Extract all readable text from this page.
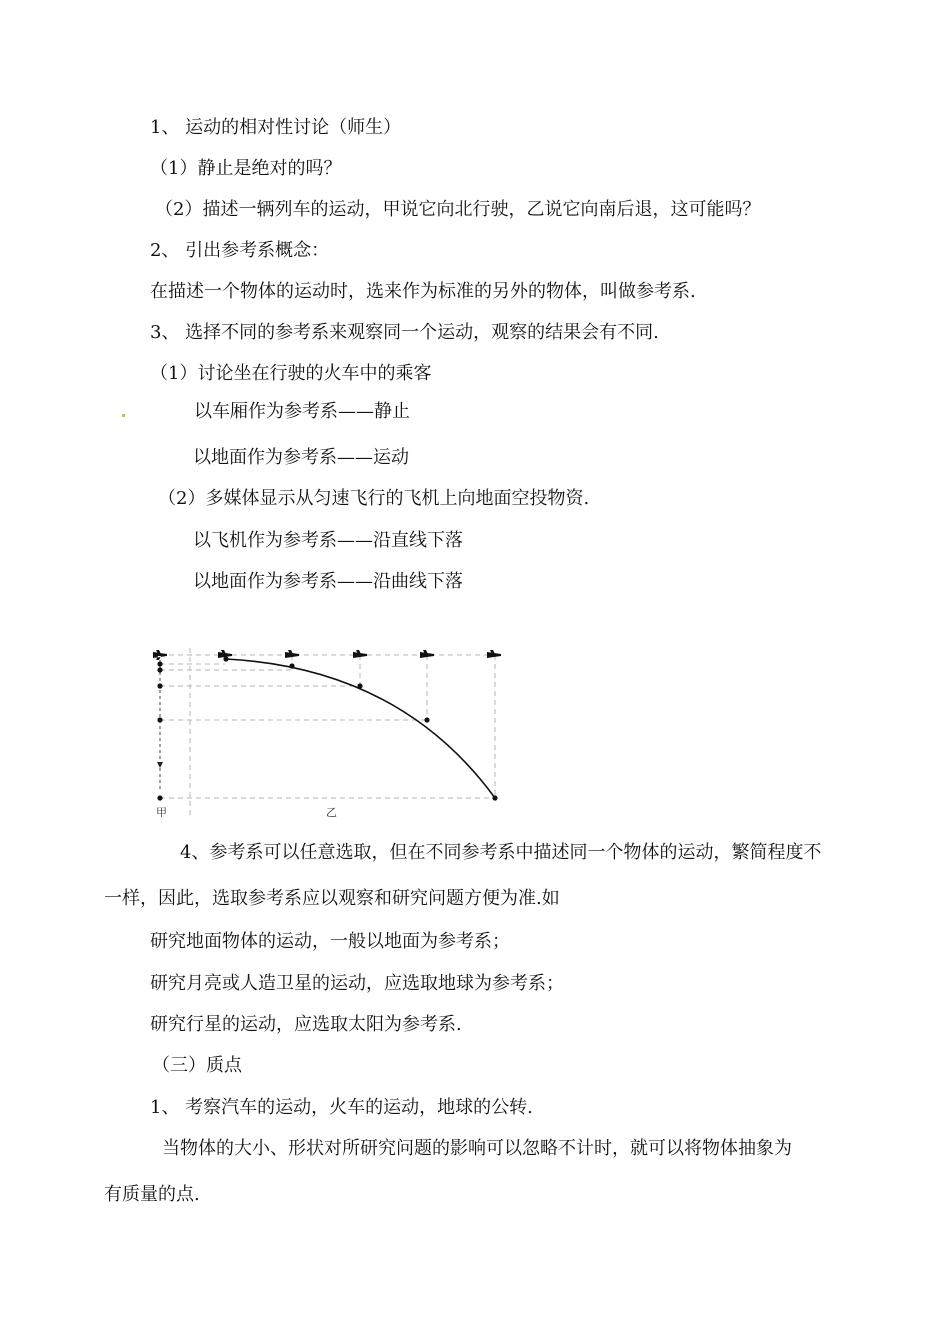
1、 运动的相对性讨论（师生）
（1）静止是绝对的吗？
（2）描述一辆列车的运动，甲说它向北行驶，乙说它向南后退，这可能吗？
2、 引出参考系概念：
在描述一个物体的运动时，选来作为标准的另外的物体，叫做参考系.
3、 选择不同的参考系来观察同一个运动，观察的结果会有不同.
（1）讨论坐在行驶的火车中的乘客
以车厢作为参考系——静止
以地面作为参考系——运动
（2）多媒体显示从匀速飞行的飞机上向地面空投物资.
以飞机作为参考系——沿直线下落
以地面作为参考系——沿曲线下落
甲	乙
4、参考系可以任意选取，但在不同参考系中描述同一个物体的运动，繁简程度不
一样，因此，选取参考系应以观察和研究问题方便为准.如
研究地面物体的运动，一般以地面为参考系；
研究月亮或人造卫星的运动，应选取地球为参考系；
研究行星的运动，应选取太阳为参考系.
（三）质点
1、 考察汽车的运动，火车的运动，地球的公转.
当物体的大小、形状对所研究问题的影响可以忽略不计时，就可以将物体抽象为
有质量的点.
